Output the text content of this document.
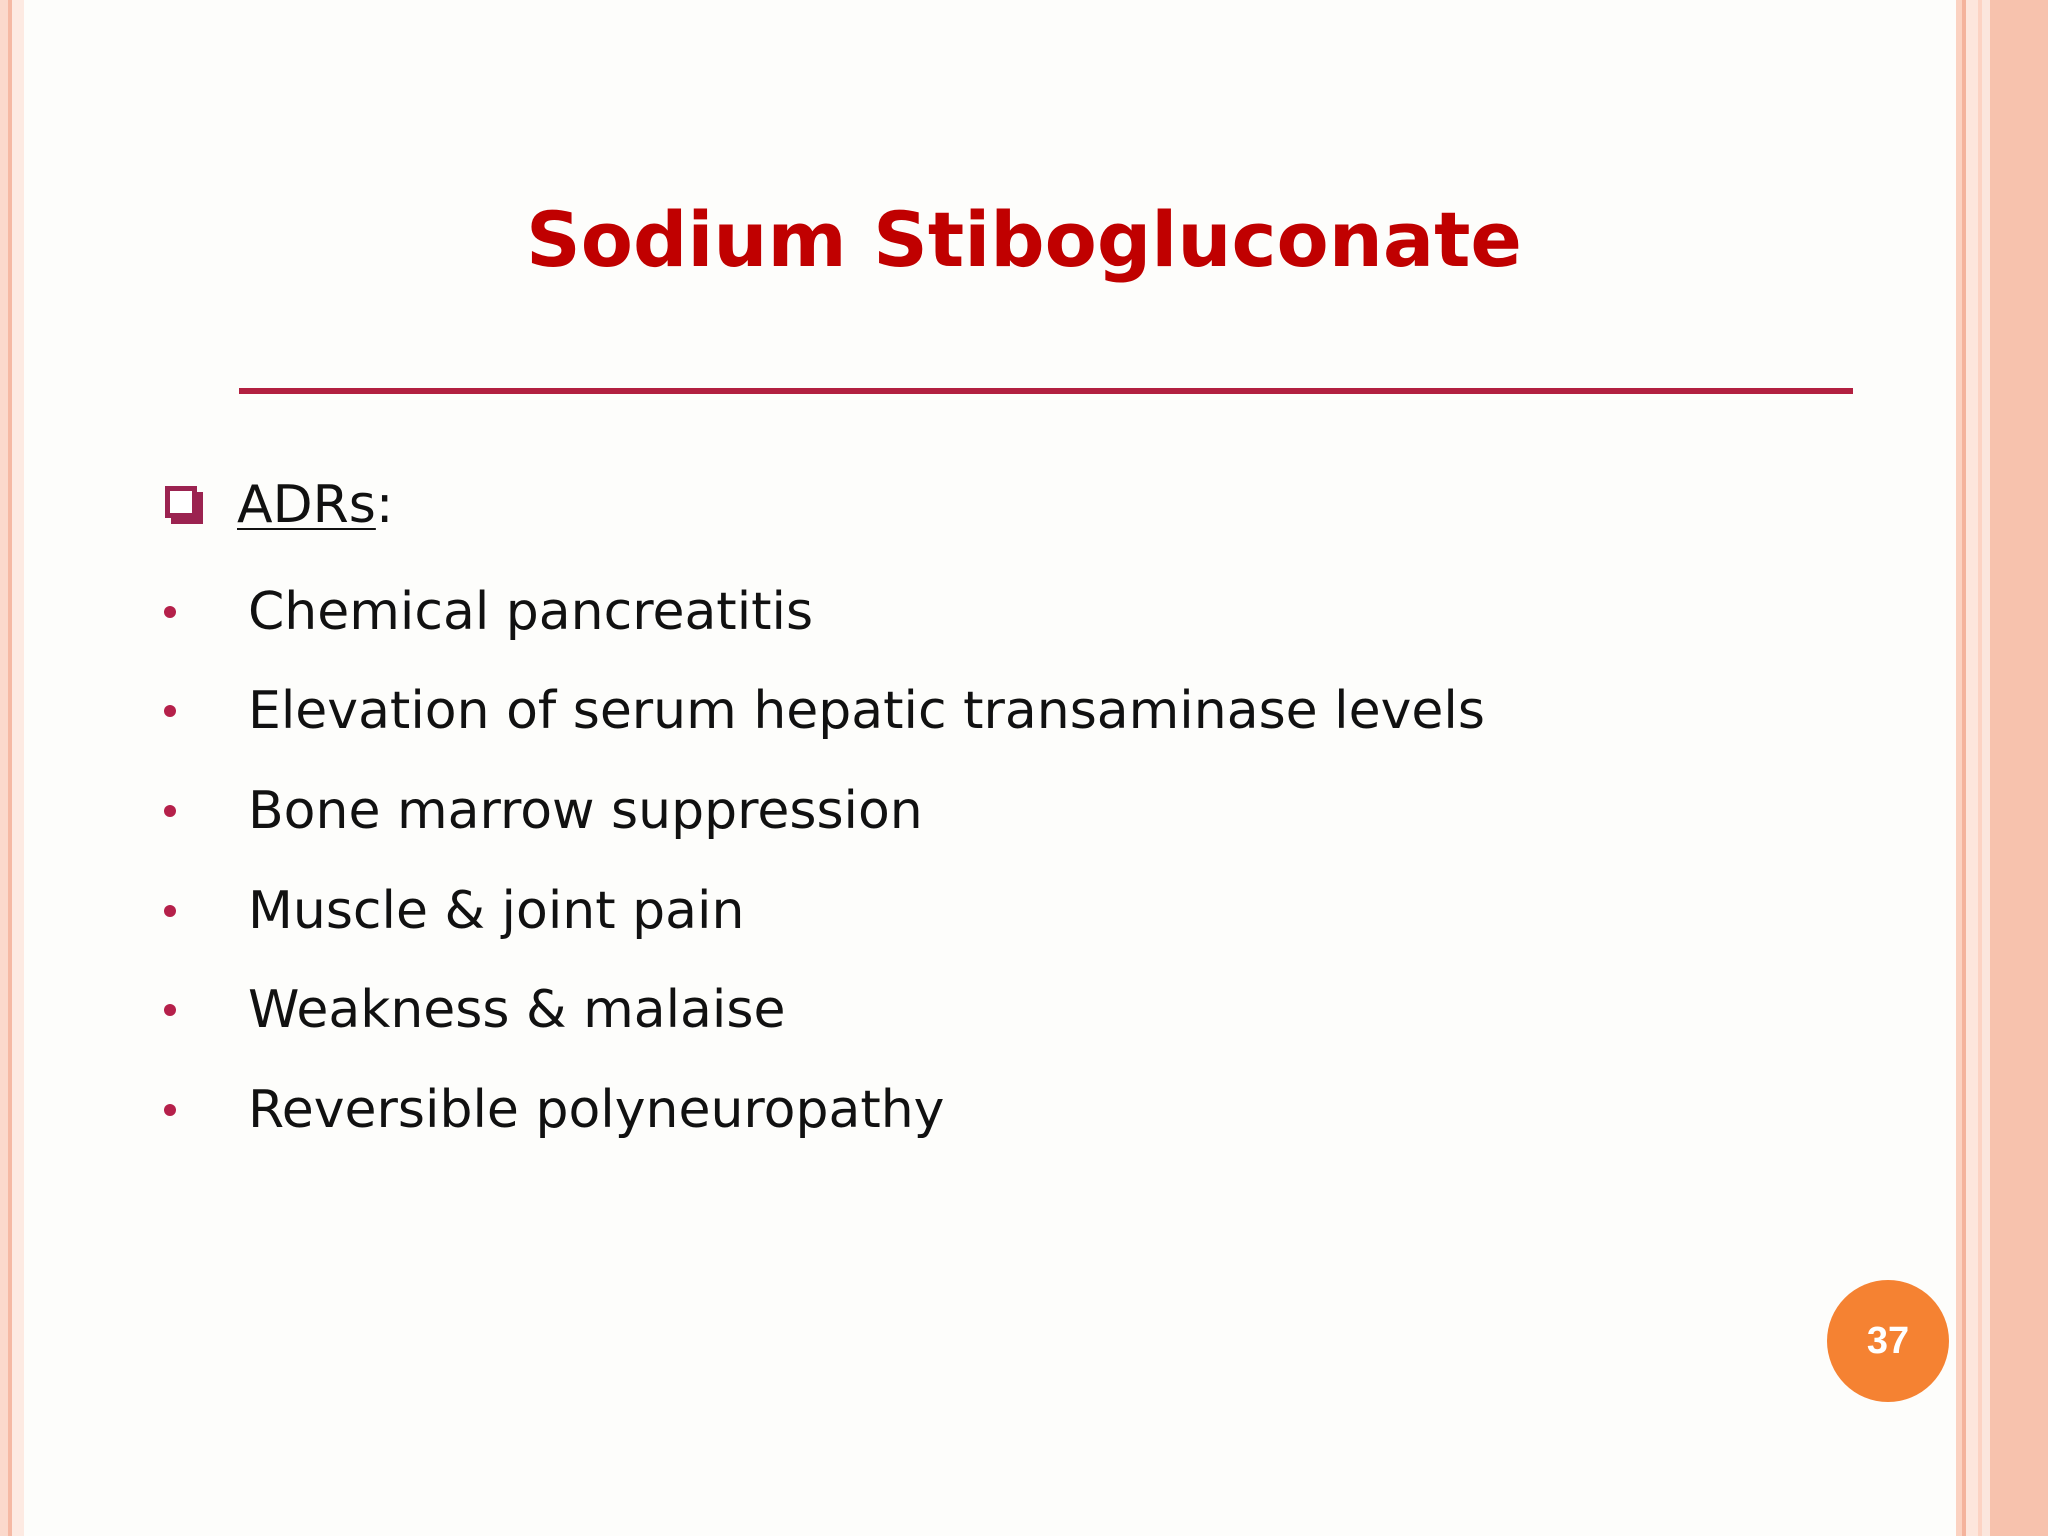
Sodium Stibogluconate
ADRs :
Chemical pancreatitis
Elevation of serum hepatic transaminase levels
Bone marrow suppression
Muscle & joint pain
Weakness & malaise
Reversible polyneuropathy
37
